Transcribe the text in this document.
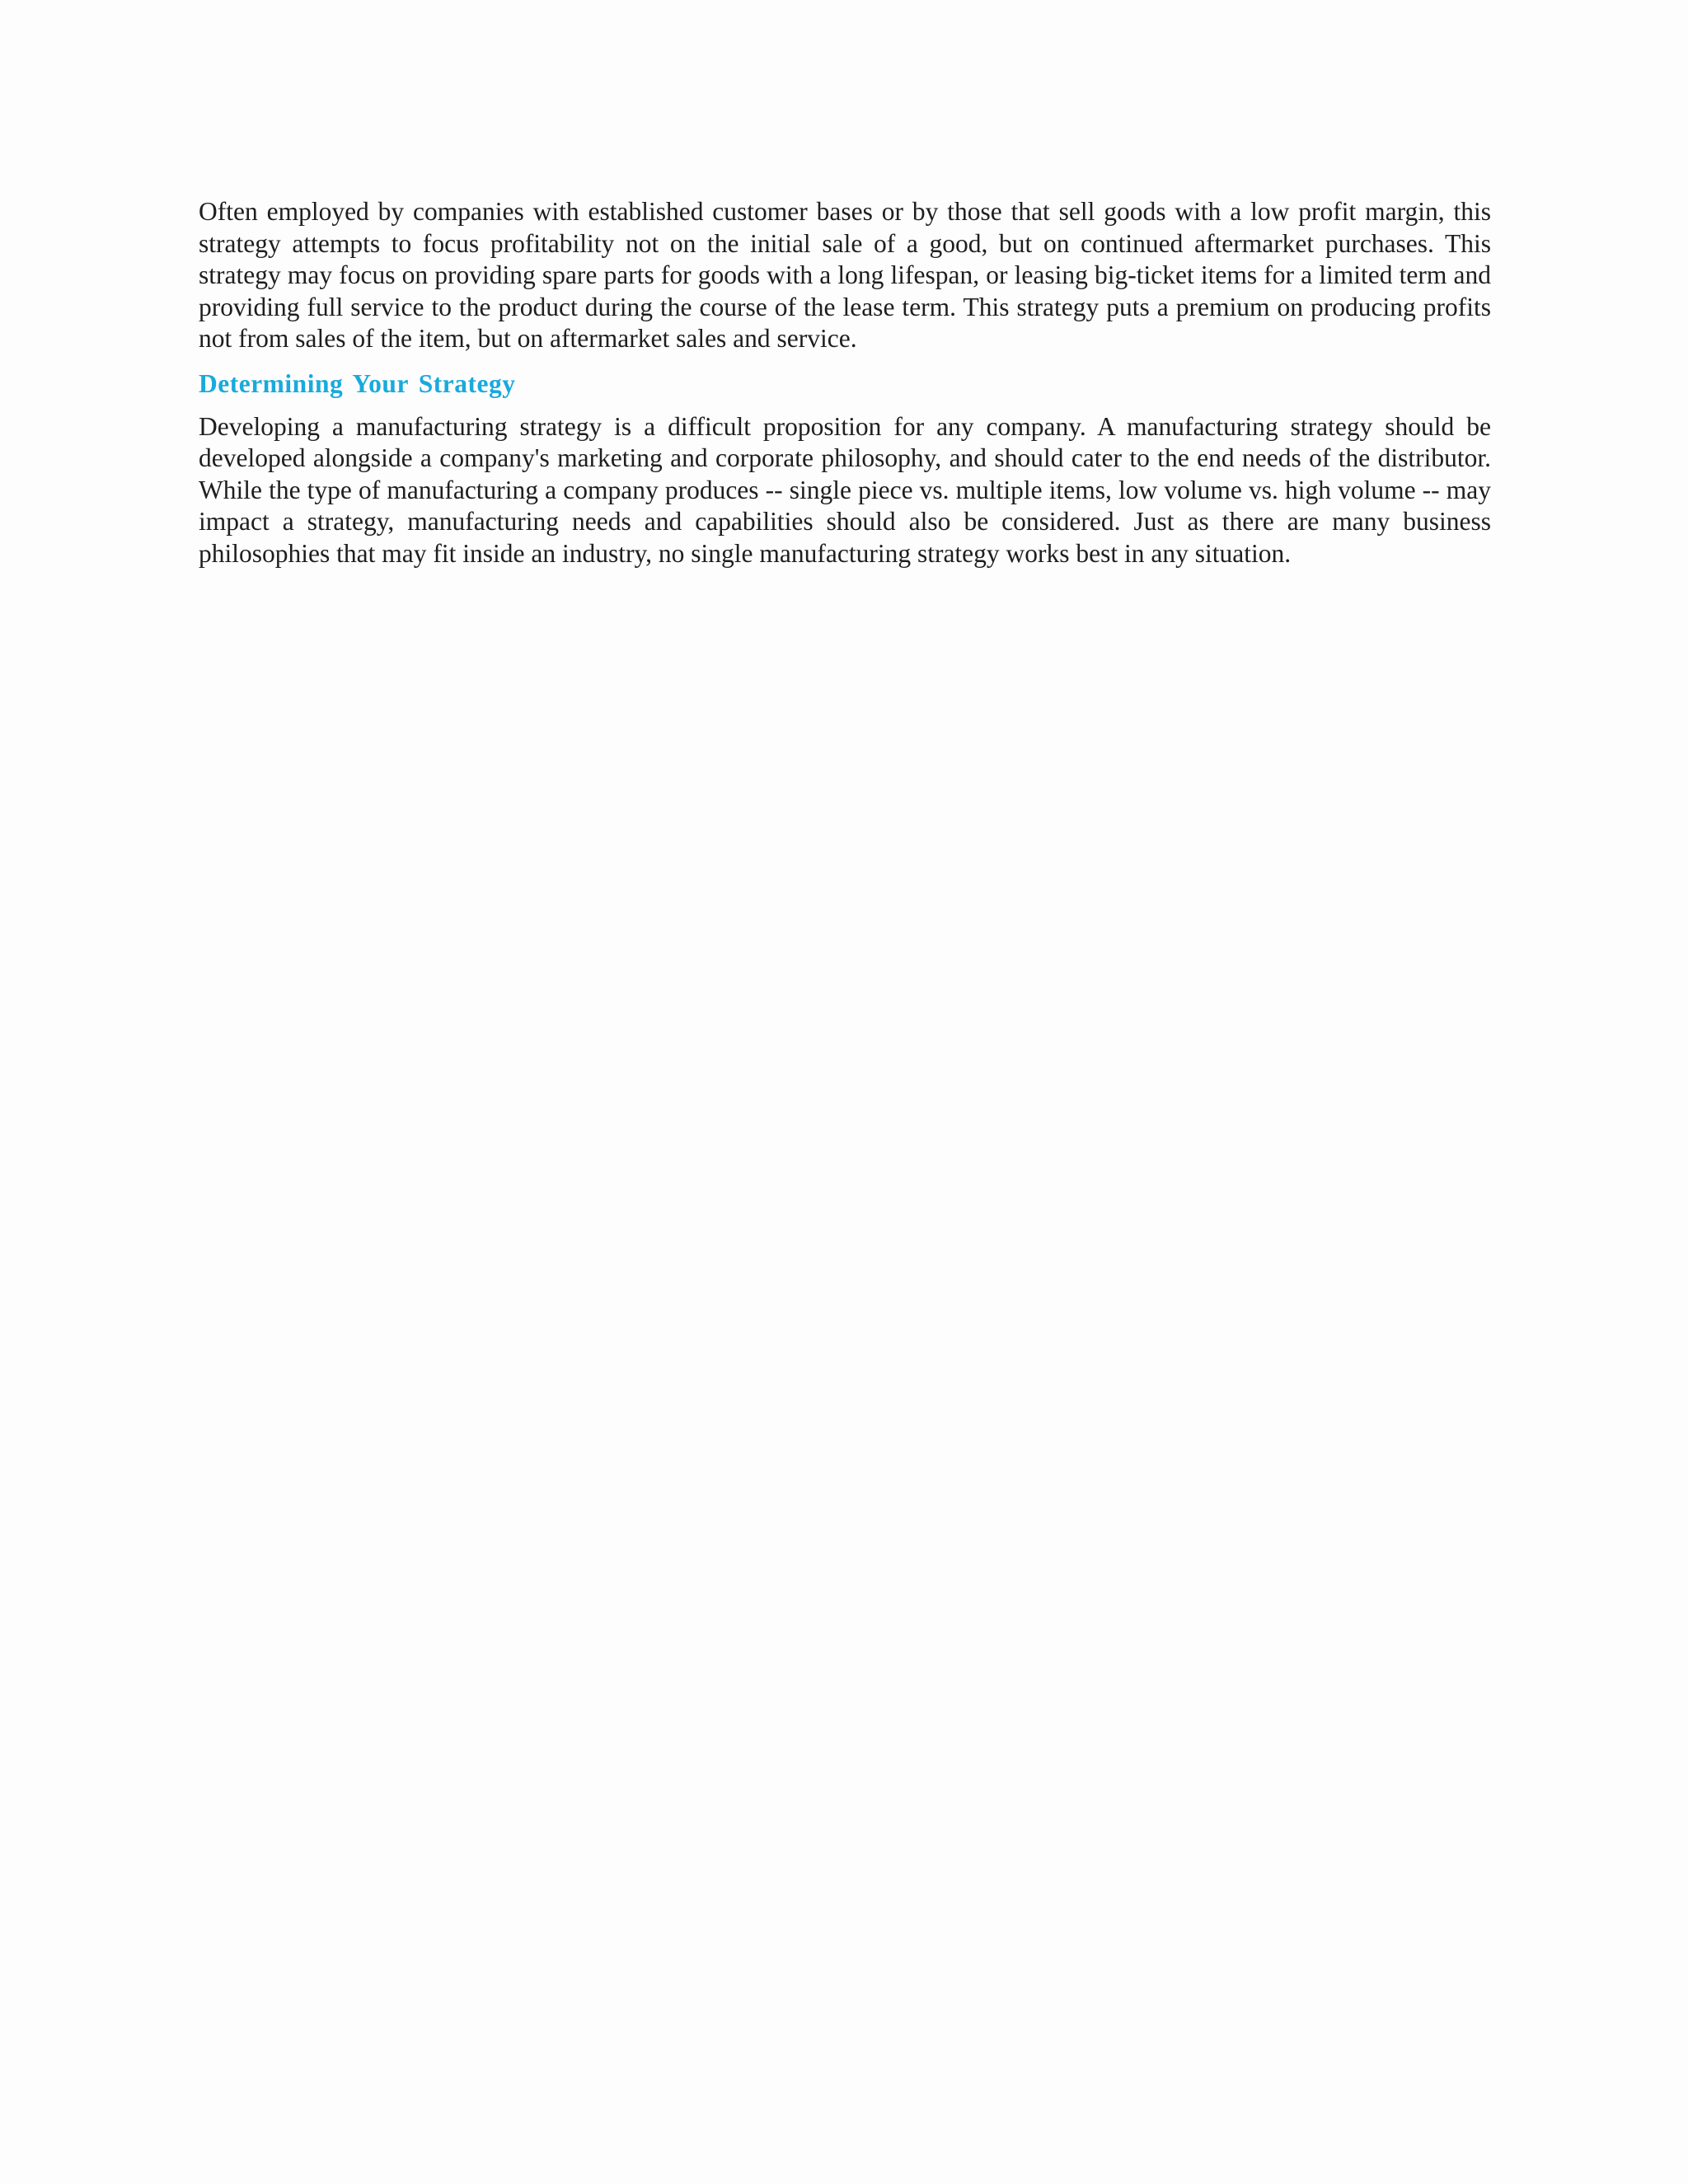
Often employed by companies with established customer bases or by those that sell goods with a low profit margin, this strategy attempts to focus profitability not on the initial sale of a good, but on continued aftermarket purchases. This strategy may focus on providing spare parts for goods with a long lifespan, or leasing big-ticket items for a limited term and providing full service to the product during the course of the lease term. This strategy puts a premium on producing profits not from sales of the item, but on aftermarket sales and service.

Determining Your Strategy

Developing a manufacturing strategy is a difficult proposition for any company. A manufacturing strategy should be developed alongside a company's marketing and corporate philosophy, and should cater to the end needs of the distributor. While the type of manufacturing a company produces -- single piece vs. multiple items, low volume vs. high volume -- may impact a strategy, manufacturing needs and capabilities should also be considered. Just as there are many business philosophies that may fit inside an industry, no single manufacturing strategy works best in any situation.
